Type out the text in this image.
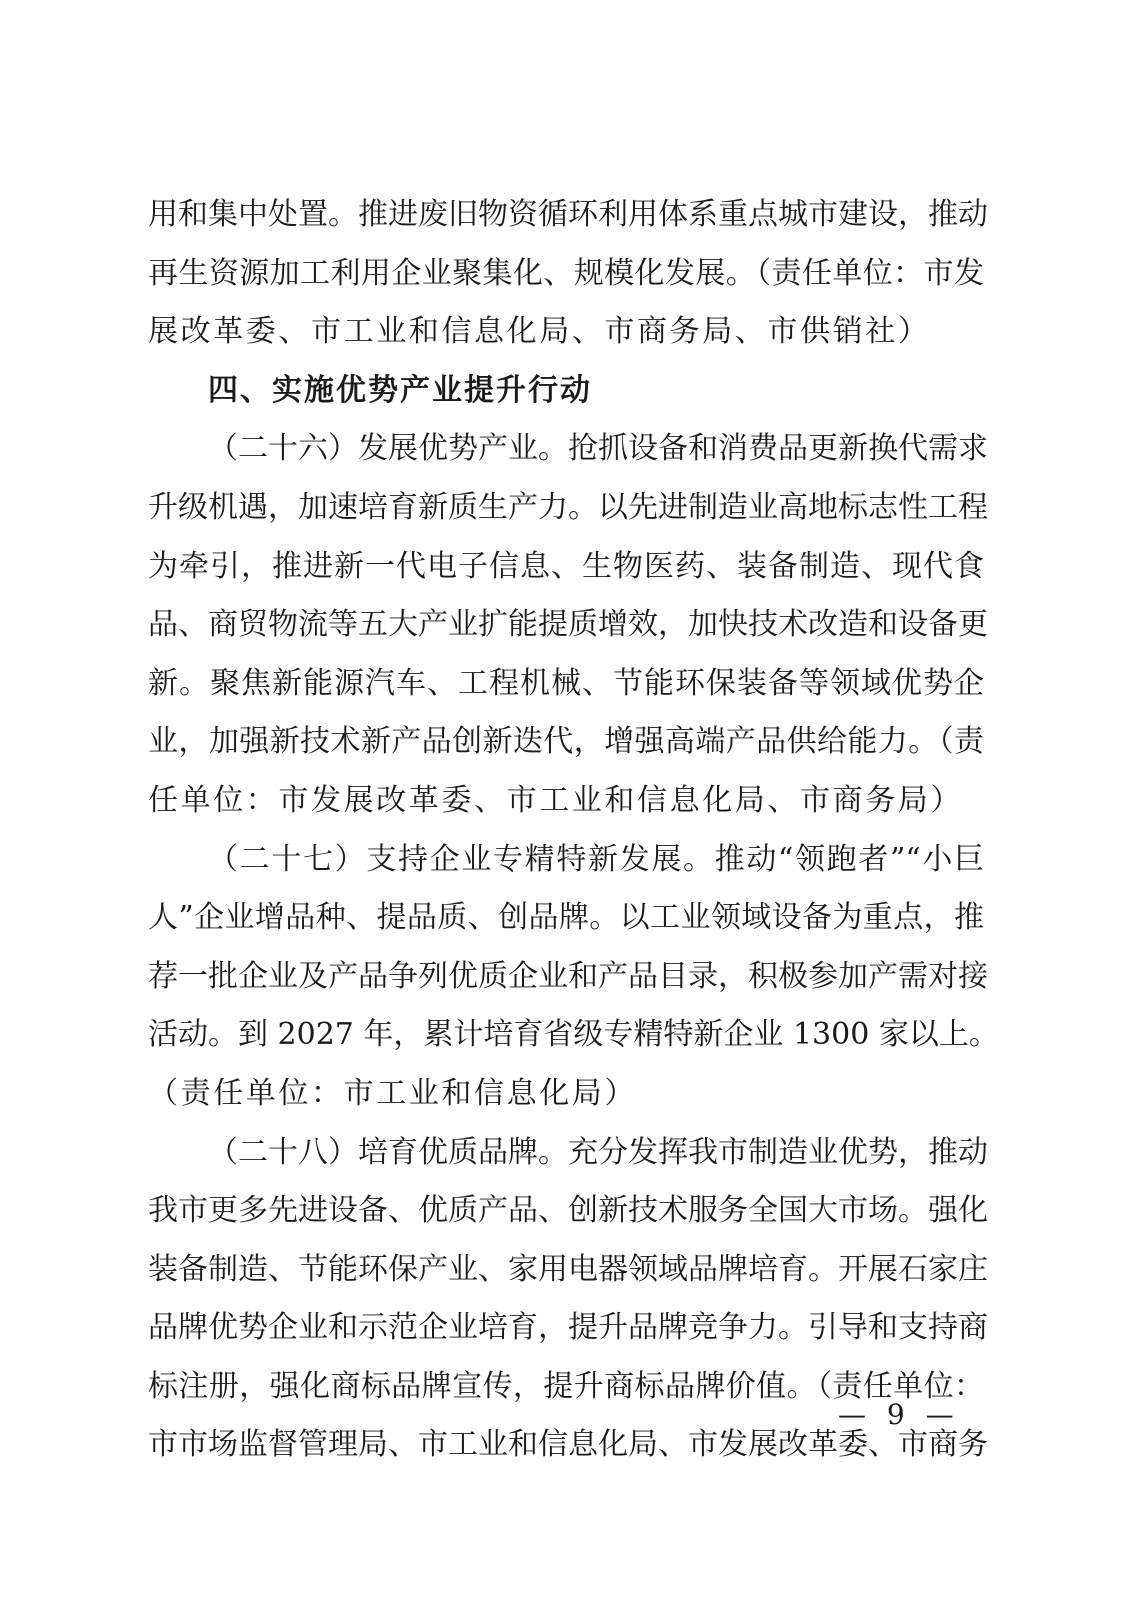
用和集中处置。推进废旧物资循环利用体系重点城市建设，推动
再生资源加工利用企业聚集化、规模化发展。（责任单位：市发
展改革委、市工业和信息化局、市商务局、市供销社）
四、实施优势产业提升行动
（二十六）发展优势产业。抢抓设备和消费品更新换代需求
升级机遇，加速培育新质生产力。以先进制造业高地标志性工程
为牵引，推进新一代电子信息、生物医药、装备制造、现代食
品、商贸物流等五大产业扩能提质增效，加快技术改造和设备更
新。聚焦新能源汽车、工程机械、节能环保装备等领域优势企
业，加强新技术新产品创新迭代，增强高端产品供给能力。（责
任单位：市发展改革委、市工业和信息化局、市商务局）
（二十七）支持企业专精特新发展。推动“领跑者”“小巨
人”企业增品种、提品质、创品牌。以工业领域设备为重点，推
荐一批企业及产品争列优质企业和产品目录，积极参加产需对接
活动。到 2027 年，累计培育省级专精特新企业 1300 家以上。
（责任单位：市工业和信息化局）
（二十八）培育优质品牌。充分发挥我市制造业优势，推动
我市更多先进设备、优质产品、创新技术服务全国大市场。强化
装备制造、节能环保产业、家用电器领域品牌培育。开展石家庄
品牌优势企业和示范企业培育，提升品牌竞争力。引导和支持商
标注册，强化商标品牌宣传，提升商标品牌价值。（责任单位：
市市场监督管理局、市工业和信息化局、市发展改革委、市商务
— 9 —
